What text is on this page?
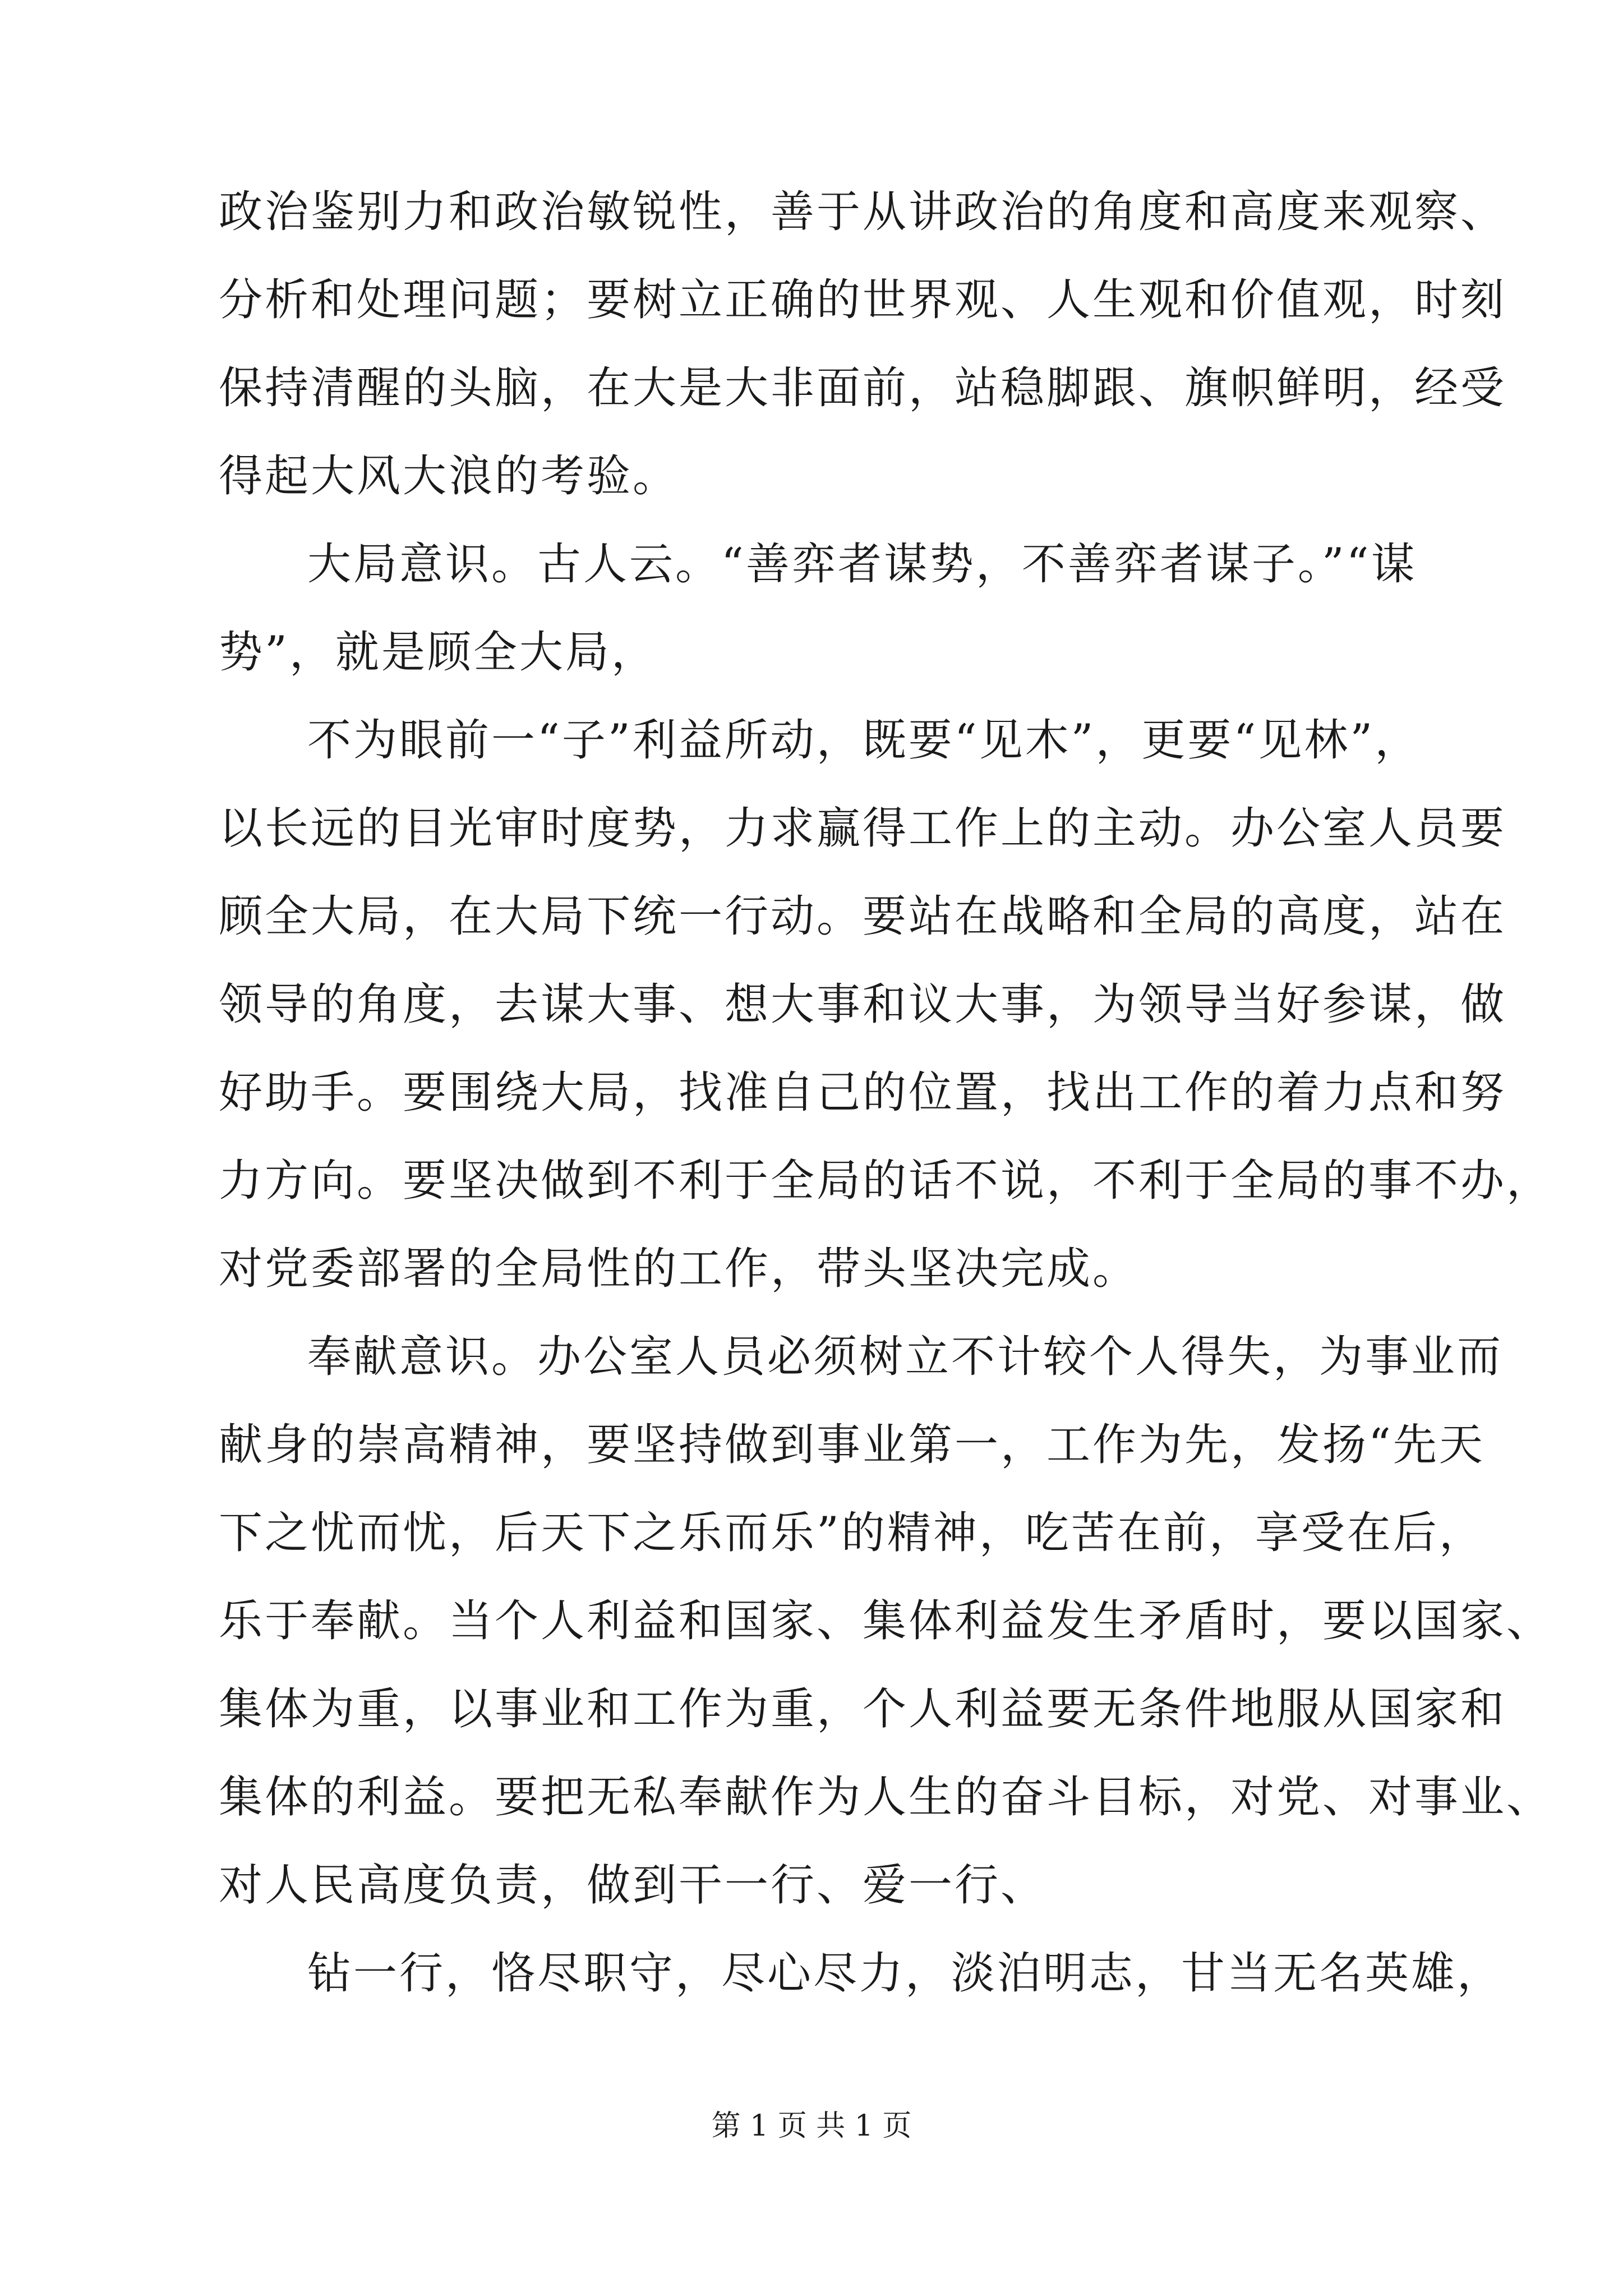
政治鉴别力和政治敏锐性，善于从讲政治的角度和高度来观察、
分析和处理问题；要树立正确的世界观、人生观和价值观，时刻
保持清醒的头脑，在大是大非面前，站稳脚跟、旗帜鲜明，经受
得起大风大浪的考验。
大局意识。古人云。“善弈者谋势，不善弈者谋子。”“谋
势”，就是顾全大局，
不为眼前一“子”利益所动，既要“见木”，更要“见林”，
以长远的目光审时度势，力求赢得工作上的主动。办公室人员要
顾全大局，在大局下统一行动。要站在战略和全局的高度，站在
领导的角度，去谋大事、想大事和议大事，为领导当好参谋，做
好助手。要围绕大局，找准自己的位置，找出工作的着力点和努
力方向。要坚决做到不利于全局的话不说，不利于全局的事不办，
对党委部署的全局性的工作，带头坚决完成。
奉献意识。办公室人员必须树立不计较个人得失，为事业而
献身的崇高精神，要坚持做到事业第一，工作为先，发扬“先天
下之忧而忧，后天下之乐而乐”的精神，吃苦在前，享受在后，
乐于奉献。当个人利益和国家、集体利益发生矛盾时，要以国家、
集体为重，以事业和工作为重，个人利益要无条件地服从国家和
集体的利益。要把无私奉献作为人生的奋斗目标，对党、对事业、
对人民高度负责，做到干一行、爱一行、
钻一行，恪尽职守，尽心尽力，淡泊明志，甘当无名英雄，
第 1 页 共 1 页
